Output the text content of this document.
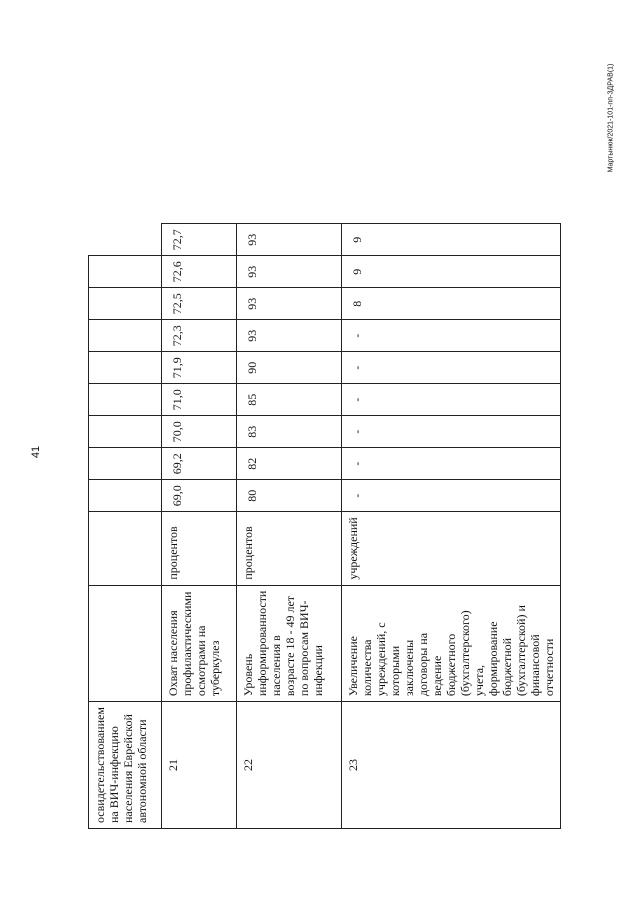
41
Мартынюк/2021-101-пп-ЗДРАВ(1)
освидетельствованием на ВИЧ-инфекцию населения Еврейской автономной области											
21	Охват населения профилактическими осмотрами на туберкулез	процентов	69,0	69,2	70,0	71,0	71,9	72,3	72,5	72,6	72,7
22	Уровень информированности населения в возрасте 18 - 49 лет по вопросам ВИЧ-инфекции	процентов	80	82	83	85	90	93	93	93	93
23	Увеличение количества учреждений, с которыми заключены договоры на ведение бюджетного (бухгалтерского) учета, формирование бюджетной (бухгалтерской) и финансовой отчетности	учреждений	-	-	-	-	-	-	8	9	9
